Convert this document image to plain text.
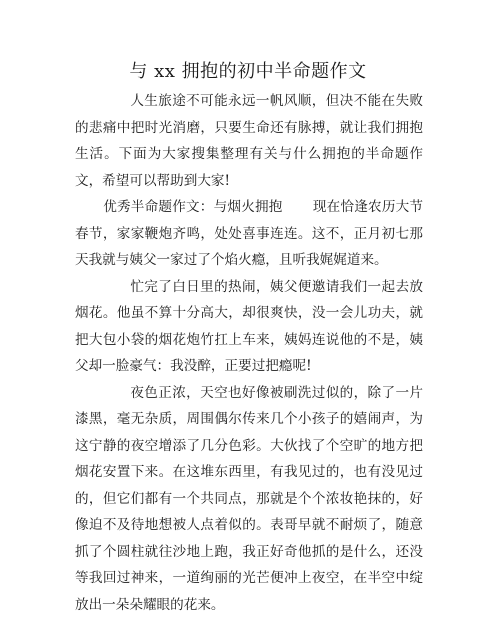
与 xx 拥抱的初中半命题作文

人生旅途不可能永远一帆风顺，但决不能在失败的悲痛中把时光消磨，只要生命还有脉搏，就让我们拥抱生活。下面为大家搜集整理有关与什么拥抱的半命题作文，希望可以帮助到大家!

优秀半命题作文：与烟火拥抱 现在恰逢农历大节春节，家家鞭炮齐鸣，处处喜事连连。这不，正月初七那天我就与姨父一家过了个焰火瘾，且听我娓娓道来。

忙完了白日里的热闹，姨父便邀请我们一起去放烟花。他虽不算十分高大，却很爽快，没一会儿功夫，就把大包小袋的烟花炮竹扛上车来，姨妈连说他的不是，姨父却一脸豪气：我没醉，正要过把瘾呢!

夜色正浓，天空也好像被刷洗过似的，除了一片漆黑，毫无杂质，周围偶尔传来几个小孩子的嬉闹声，为这宁静的夜空增添了几分色彩。大伙找了个空旷的地方把烟花安置下来。在这堆东西里，有我见过的，也有没见过的，但它们都有一个共同点，那就是个个浓妆艳抹的，好像迫不及待地想被人点着似的。表哥早就不耐烦了，随意抓了个圆柱就往沙地上跑，我正好奇他抓的是什么，还没等我回过神来，一道绚丽的光芒便冲上夜空，在半空中绽放出一朵朵耀眼的花来。
